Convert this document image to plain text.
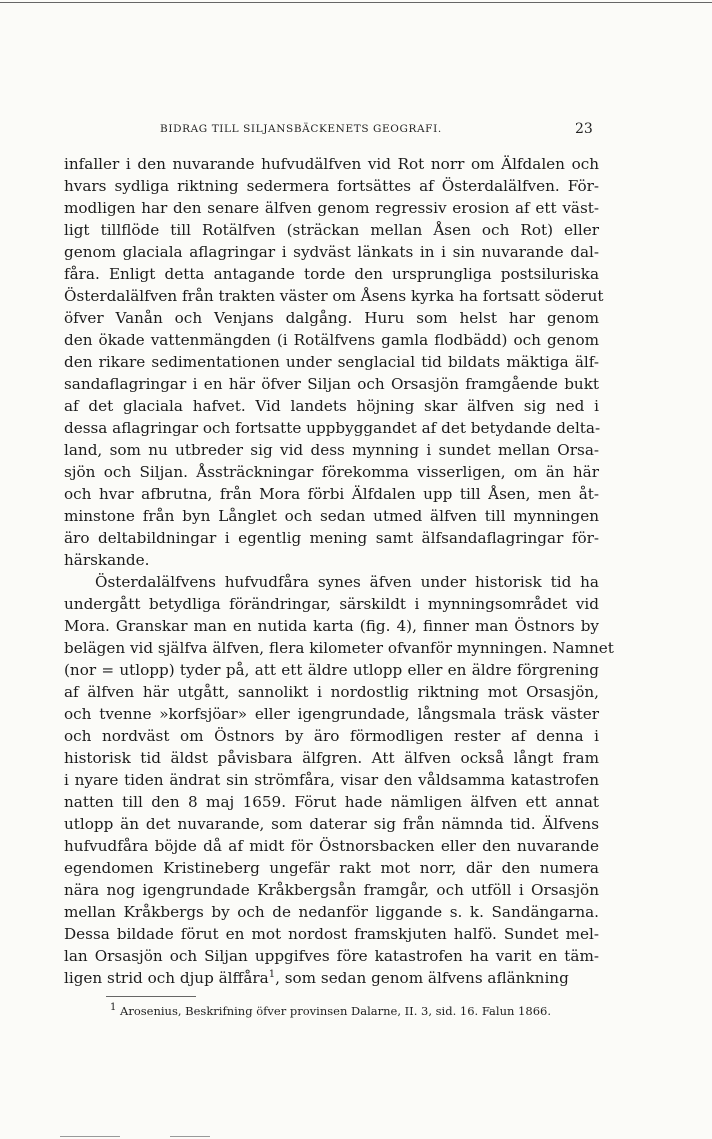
BIDRAG TILL SILJANSBÄCKENETS GEOGRAFI.	23
infaller i den nuvarande hufvudälfven vid Rot norr om Älfdalen och
hvars sydliga riktning sedermera fortsättes af Österdalälfven. För-
modligen har den senare älfven genom regressiv erosion af ett väst-
ligt tillflöde till Rotälfven (sträckan mellan Åsen och Rot) eller
genom glaciala aflagringar i sydväst länkats in i sin nuvarande dal-
fåra. Enligt detta antagande torde den ursprungliga postsiluriska
Österdalälfven från trakten väster om Åsens kyrka ha fortsatt söderut
öfver Vanån och Venjans dalgång. Huru som helst har genom
den ökade vattenmängden (i Rotälfvens gamla flodbädd) och genom
den rikare sedimentationen under senglacial tid bildats mäktiga älf-
sandaflagringar i en här öfver Siljan och Orsasjön framgående bukt
af det glaciala hafvet. Vid landets höjning skar älfven sig ned i
dessa aflagringar och fortsatte uppbyggandet af det betydande delta-
land, som nu utbreder sig vid dess mynning i sundet mellan Orsa-
sjön och Siljan. Åssträckningar förekomma visserligen, om än här
och hvar afbrutna, från Mora förbi Älfdalen upp till Åsen, men åt-
minstone från byn Långlet och sedan utmed älfven till mynningen
äro deltabildningar i egentlig mening samt älfsandaflagringar för-
härskande.
Österdalälfvens hufvudfåra synes äfven under historisk tid ha
undergått betydliga förändringar, särskildt i mynningsområdet vid
Mora. Granskar man en nutida karta (fig. 4), finner man Östnors by
belägen vid själfva älfven, flera kilometer ofvanför mynningen. Namnet
(nor = utlopp) tyder på, att ett äldre utlopp eller en äldre förgrening
af älfven här utgått, sannolikt i nordostlig riktning mot Orsasjön,
och tvenne »korfsjöar» eller igengrundade, långsmala träsk väster
och nordväst om Östnors by äro förmodligen rester af denna i
historisk tid äldst påvisbara älfgren. Att älfven också långt fram
i nyare tiden ändrat sin strömfåra, visar den våldsamma katastrofen
natten till den 8 maj 1659. Förut hade nämligen älfven ett annat
utlopp än det nuvarande, som daterar sig från nämnda tid. Älfvens
hufvudfåra böjde då af midt för Östnorsbacken eller den nuvarande
egendomen Kristineberg ungefär rakt mot norr, där den numera
nära nog igengrundade Kråkbergsån framgår, och utföll i Orsasjön
mellan Kråkbergs by och de nedanför liggande s. k. Sandängarna.
Dessa bildade förut en mot nordost framskjuten halfö. Sundet mel-
lan Orsasjön och Siljan uppgifves före katastrofen ha varit en täm-
ligen strid och djup älffåra$^1$, som sedan genom älfvens aflänkning
$^1$ Arosenius, Beskrifning öfver provinsen Dalarne, II. 3, sid. 16. Falun 1866.
